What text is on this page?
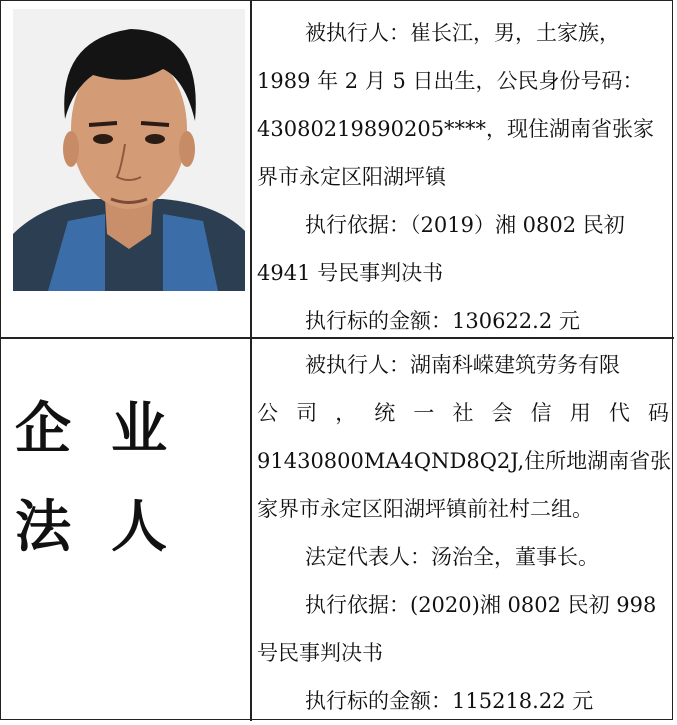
被执行人：崔长江，男，土家族，
1989 年 2 月 5 日出生，公民身份号码：
43080219890205****，现住湖南省张家
界市永定区阳湖坪镇
执行依据：（2019）湘 0802 民初
4941 号民事判决书
执行标的金额：130622.2 元
企业
法人
被执行人：湖南科嵘建筑劳务有限
公 司 ， 统 一 社 会 信 用 代 码
91430800MA4QND8Q2J,住所地湖南省张
家界市永定区阳湖坪镇前社村二组。
法定代表人：汤治全，董事长。
执行依据：(2020)湘 0802 民初 998
号民事判决书
执行标的金额：115218.22 元
